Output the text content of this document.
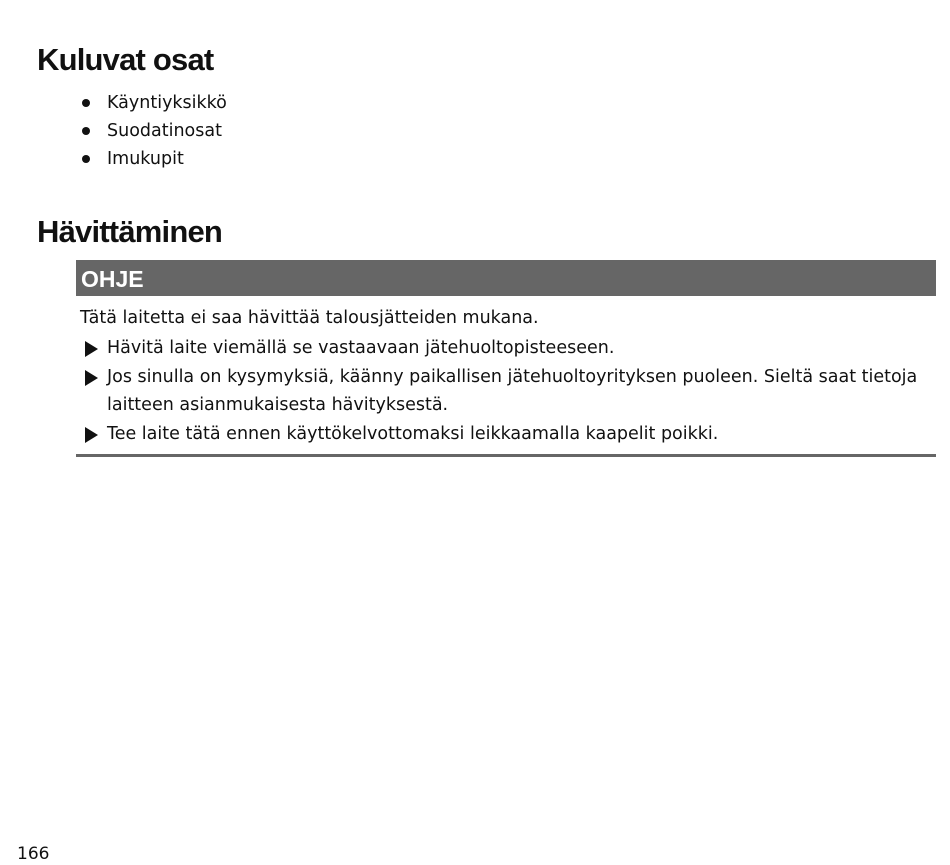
Kuluvat osat
Käyntiyksikkö
Suodatinosat
Imukupit
Hävittäminen
OHJE

Tätä laitetta ei saa hävittää talousjätteiden mukana.

Hävitä laite viemällä se vastaavaan jätehuoltopisteeseen.
Jos sinulla on kysymyksiä, käänny paikallisen jätehuoltoyrityksen puoleen. Sieltä saat tietoja laitteen asianmukaisesta hävityksestä.
Tee laite tätä ennen käyttökelvottomaksi leikkaamalla kaapelit poikki.
166
